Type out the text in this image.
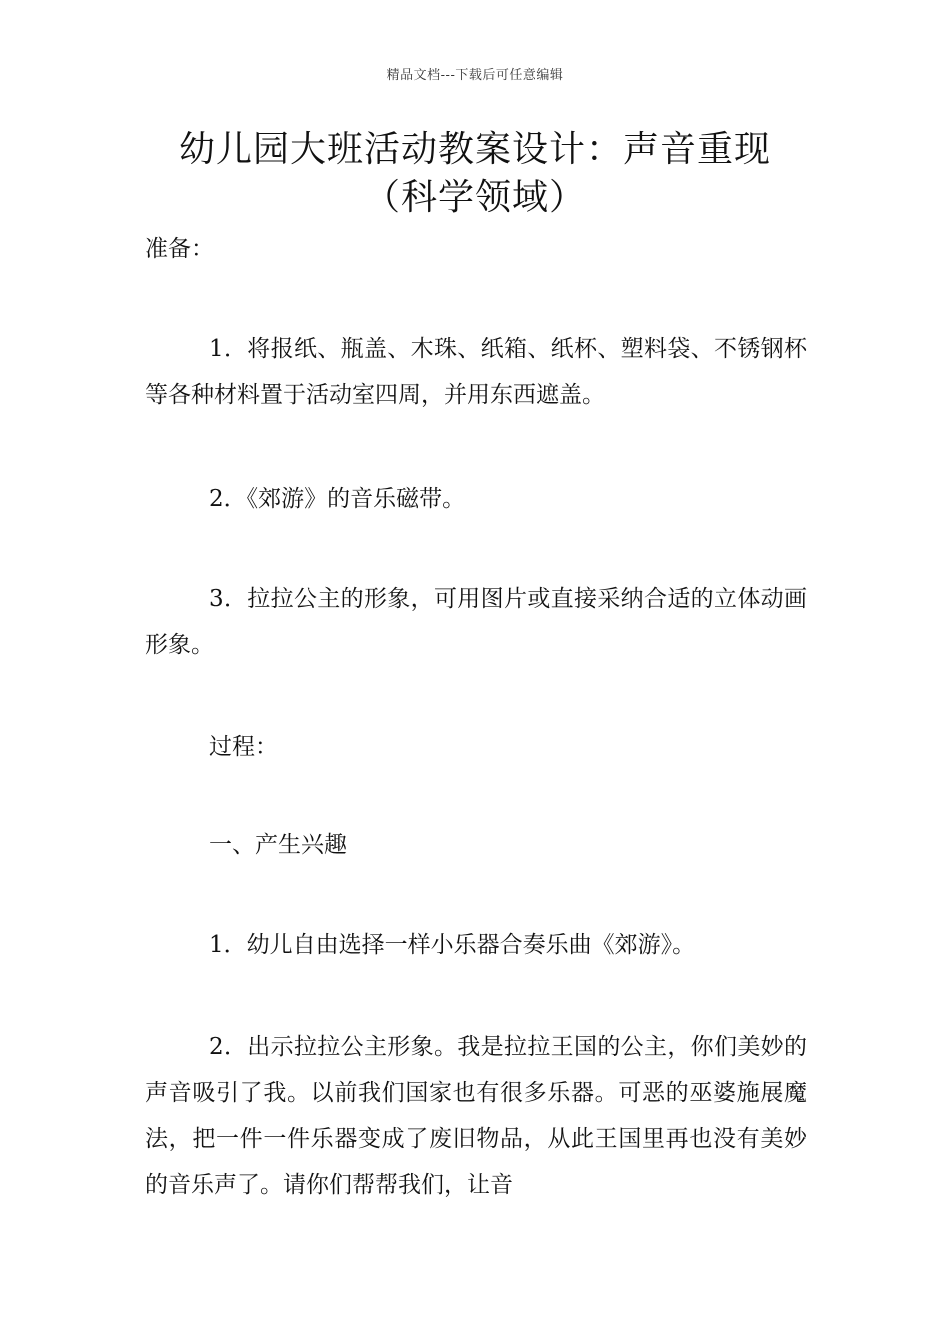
精品文档---下载后可任意编辑
幼儿园大班活动教案设计：声音重现
（科学领域）

准备：

1．将报纸、瓶盖、木珠、纸箱、纸杯、塑料袋、不锈钢杯等各种材料置于活动室四周，并用东西遮盖。

2．《郊游》的音乐磁带。

3．拉拉公主的形象，可用图片或直接采纳合适的立体动画形象。

过程：

一、产生兴趣

1．幼儿自由选择一样小乐器合奏乐曲《郊游》。

2．出示拉拉公主形象。我是拉拉王国的公主，你们美妙的声音吸引了我。以前我们国家也有很多乐器。可恶的巫婆施展魔法，把一件一件乐器变成了废旧物品，从此王国里再也没有美妙的音乐声了。请你们帮帮我们，让音
